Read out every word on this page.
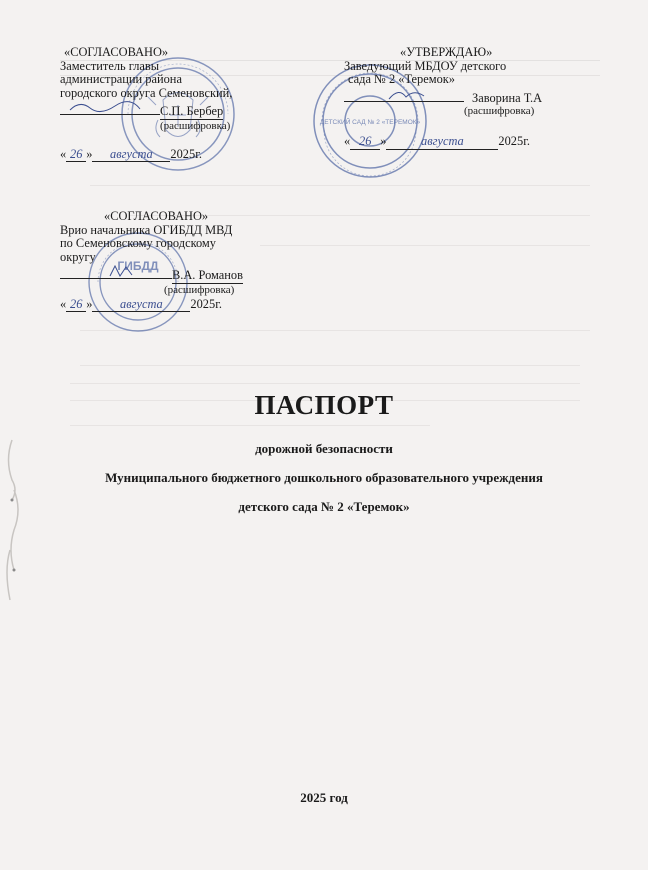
ДЕТСКИЙ САД № 2 «ТЕРЕМОК»
ГИБДД
«СОГЛАСОВАНО»
Заместитель главы
администрации района
городского округа Семеновский,
С.П. Бербер
(расшифровка)
« 26 » августа 2025г.
«УТВЕРЖДАЮ»
Заведующий МБДОУ детского
сада № 2 «Теремок»
Заворина Т.А
(расшифровка)
« 26 »	августа	2025г.
«СОГЛАСОВАНО»
Врио начальника ОГИБДД МВД
по Семеновскому городскому
округу
В.А. Романов
(расшифровка)
« 26 » августа 2025г.
ПАСПОРТ
дорожной безопасности
Муниципального бюджетного дошкольного образовательного учреждения
детского сада № 2 «Теремок»
2025 год
